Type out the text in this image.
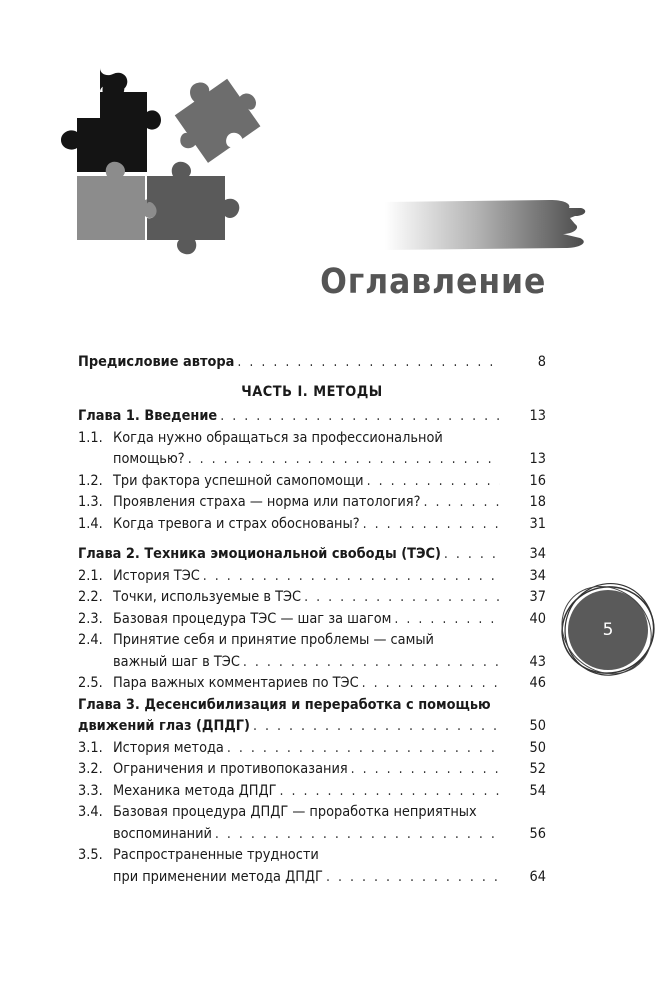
5
Оглавление
Предисловие автора . . .	8
ЧАСТЬ I. МЕТОДЫ
Глава 1. Введение . . .	13
1.1. Когда нужно обращаться за профессиональной
помощью? . . .	13
1.2. Три фактора успешной самопомощи . . .	16
1.3. Проявления страха — норма или патология? . . .	18
1.4. Когда тревога и страх обоснованы? . . .	31
Глава 2. Техника эмоциональной свободы (ТЭС) . . .	34
2.1. История ТЭС . . .	34
2.2. Точки, используемые в ТЭС . . .	37
2.3. Базовая процедура ТЭС — шаг за шагом . . .	40
2.4. Принятие себя и принятие проблемы — самый
важный шаг в ТЭС . . .	43
2.5. Пара важных комментариев по ТЭС . . .	46
Глава 3. Десенсибилизация и переработка с помощью
движений глаз (ДПДГ) . . .	50
3.1. История метода . . .	50
3.2. Ограничения и противопоказания . . .	52
3.3. Механика метода ДПДГ . . .	54
3.4. Базовая процедура ДПДГ — проработка неприятных
воспоминаний . . .	56
3.5. Распространенные трудности
при применении метода ДПДГ . . .	64
